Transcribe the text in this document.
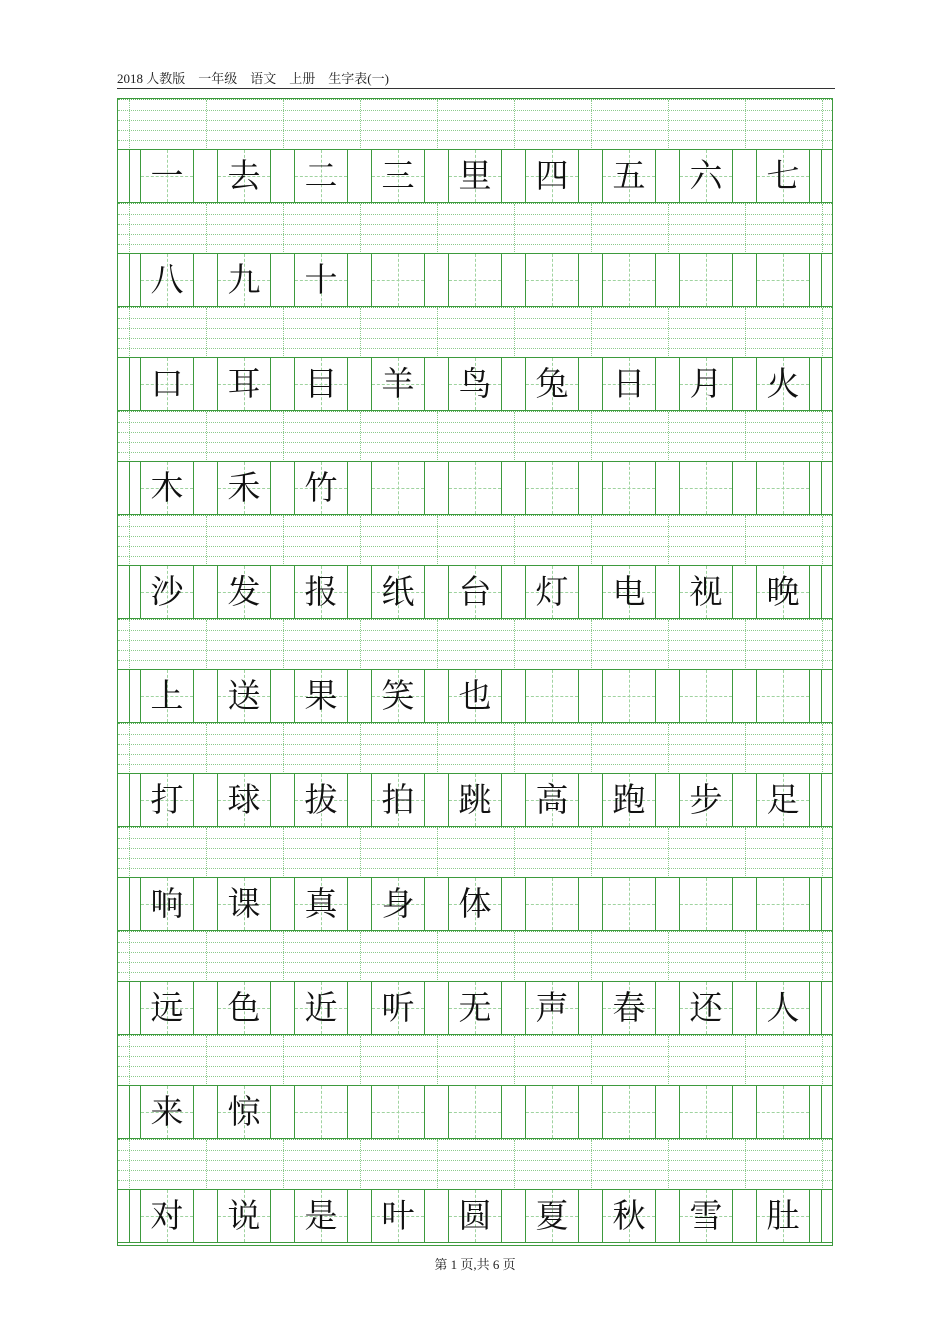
2018 人教版    一年级    语文    上册    生字表(一)
一 去 二 三 里 四 五 六 七
八 九 十
口 耳 目 羊 鸟 兔 日 月 火
木 禾 竹
沙 发 报 纸 台 灯 电 视 晚
上 送 果 笑 也
打 球 拔 拍 跳 高 跑 步 足
响 课 真 身 体
远 色 近 听 无 声 春 还 人
来 惊
对 说 是 叶 圆 夏 秋 雪 肚
第 1 页,共 6 页
